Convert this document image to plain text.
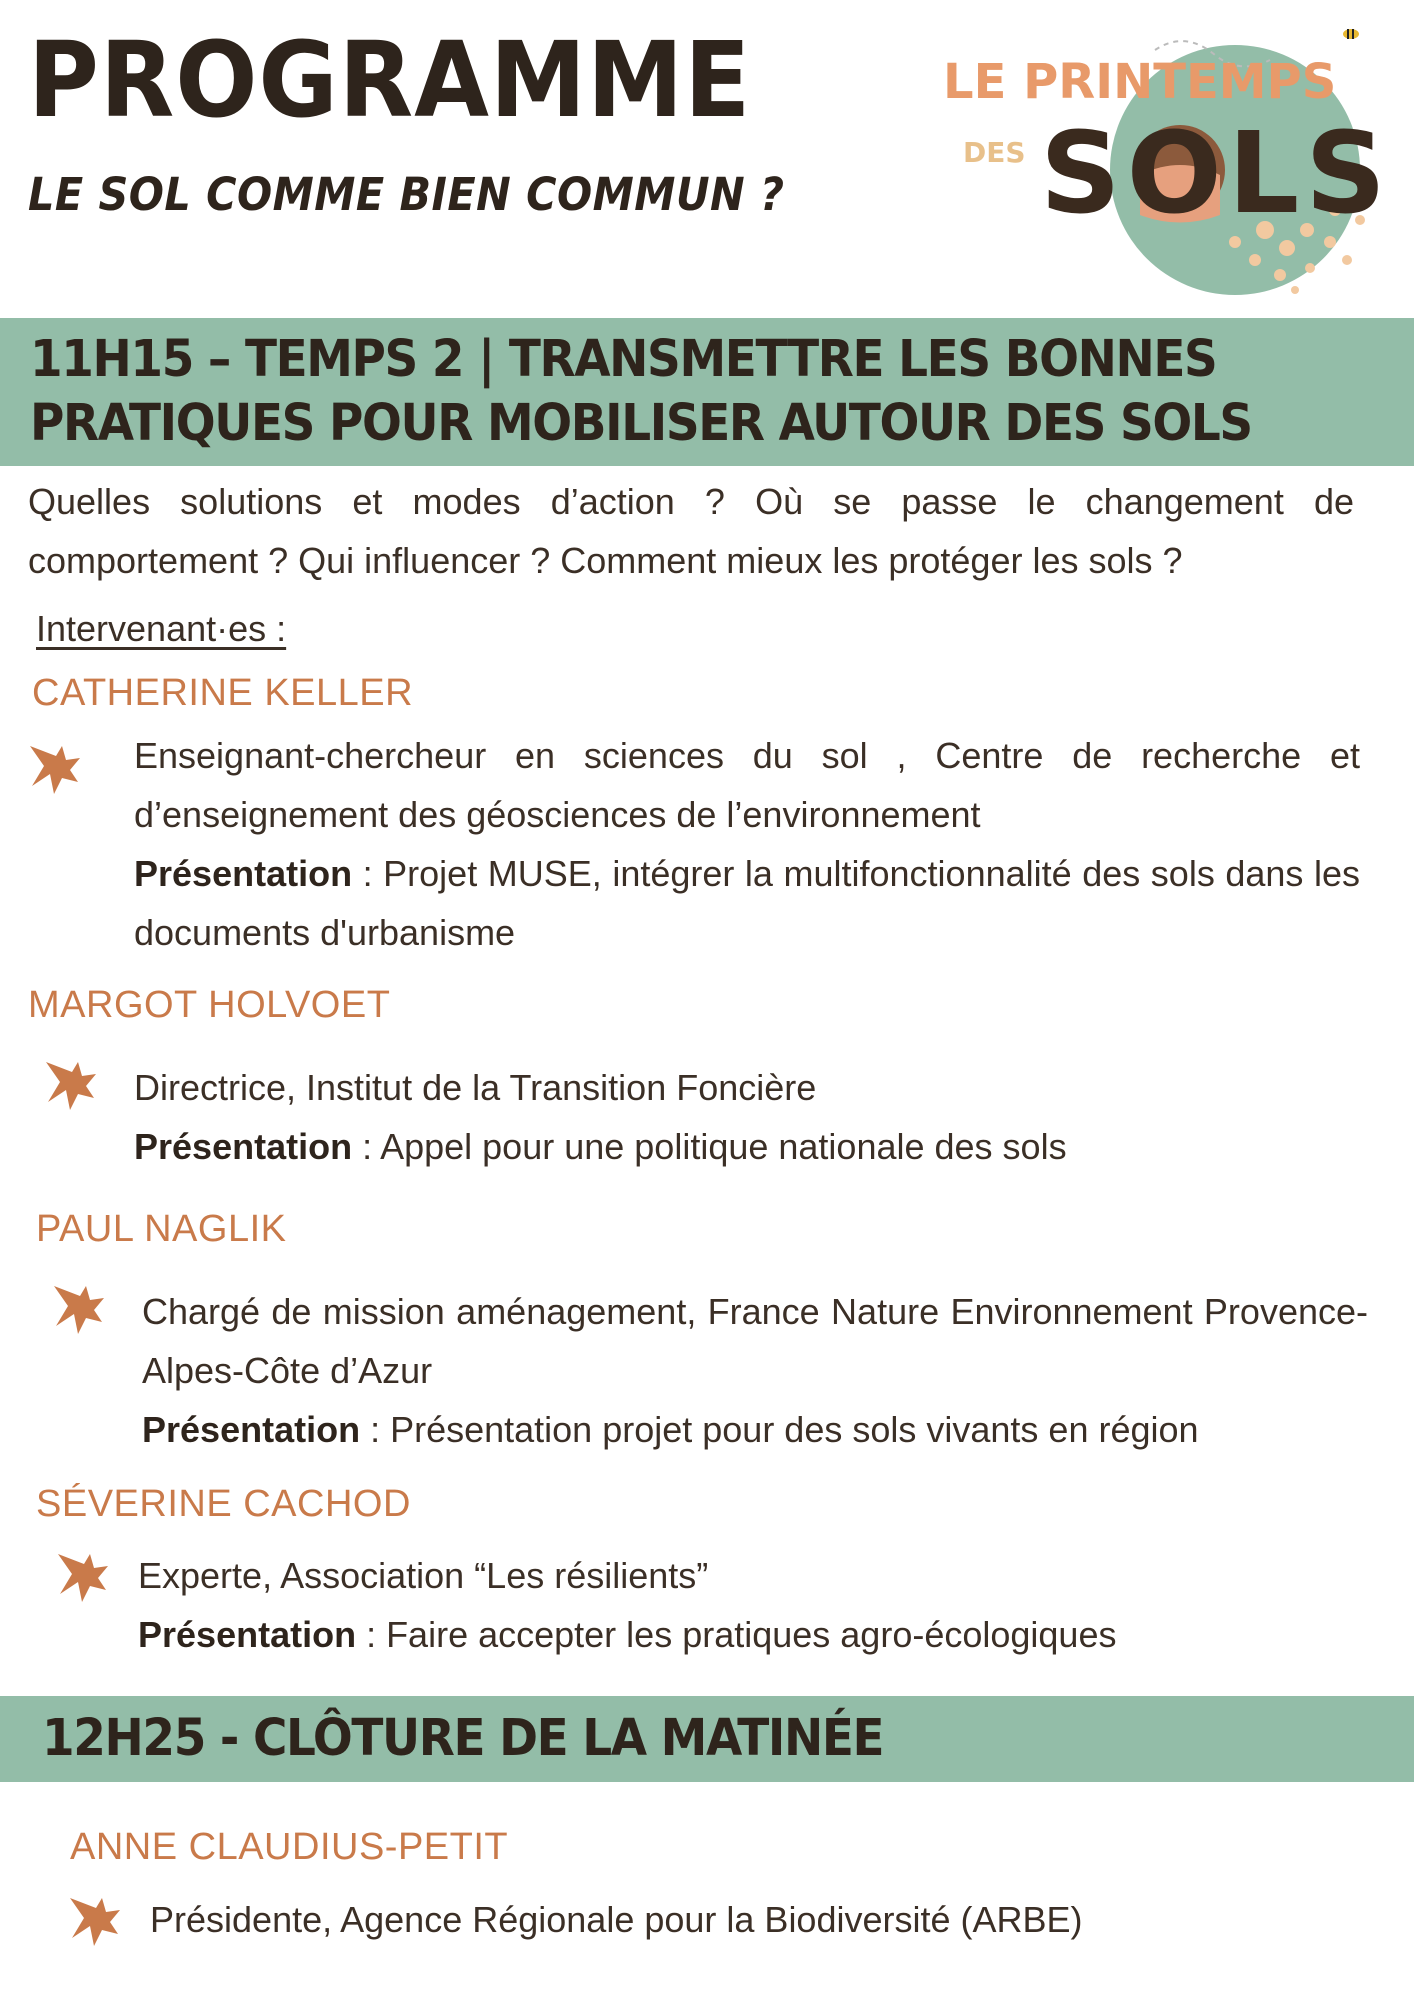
PROGRAMME
LE SOL COMME BIEN COMMUN ?
LE PRINTEMPS
DES SOLS
11H15 – TEMPS 2 | TRANSMETTRE LES BONNES
PRATIQUES POUR MOBILISER AUTOUR DES SOLS
Quelles solutions et modes d’action ? Où se passe le changement de comportement ? Qui influencer ? Comment mieux les protéger les sols ?
Intervenant·es :
CATHERINE KELLER
Enseignant-chercheur en sciences du sol , Centre de recherche et d’enseignement des géosciences de l’environnement
Présentation : Projet MUSE, intégrer la multifonctionnalité des sols dans les documents d'urbanisme
MARGOT HOLVOET
Directrice, Institut de la Transition Foncière
Présentation : Appel pour une politique nationale des sols
PAUL NAGLIK
Chargé de mission aménagement, France Nature Environnement Provence-Alpes-Côte d’Azur
Présentation : Présentation projet pour des sols vivants en région
SÉVERINE CACHOD
Experte, Association “Les résilients”
Présentation : Faire accepter les pratiques agro-écologiques
12H25 - CLÔTURE DE LA MATINÉE
ANNE CLAUDIUS-PETIT
Présidente, Agence Régionale pour la Biodiversité (ARBE)
